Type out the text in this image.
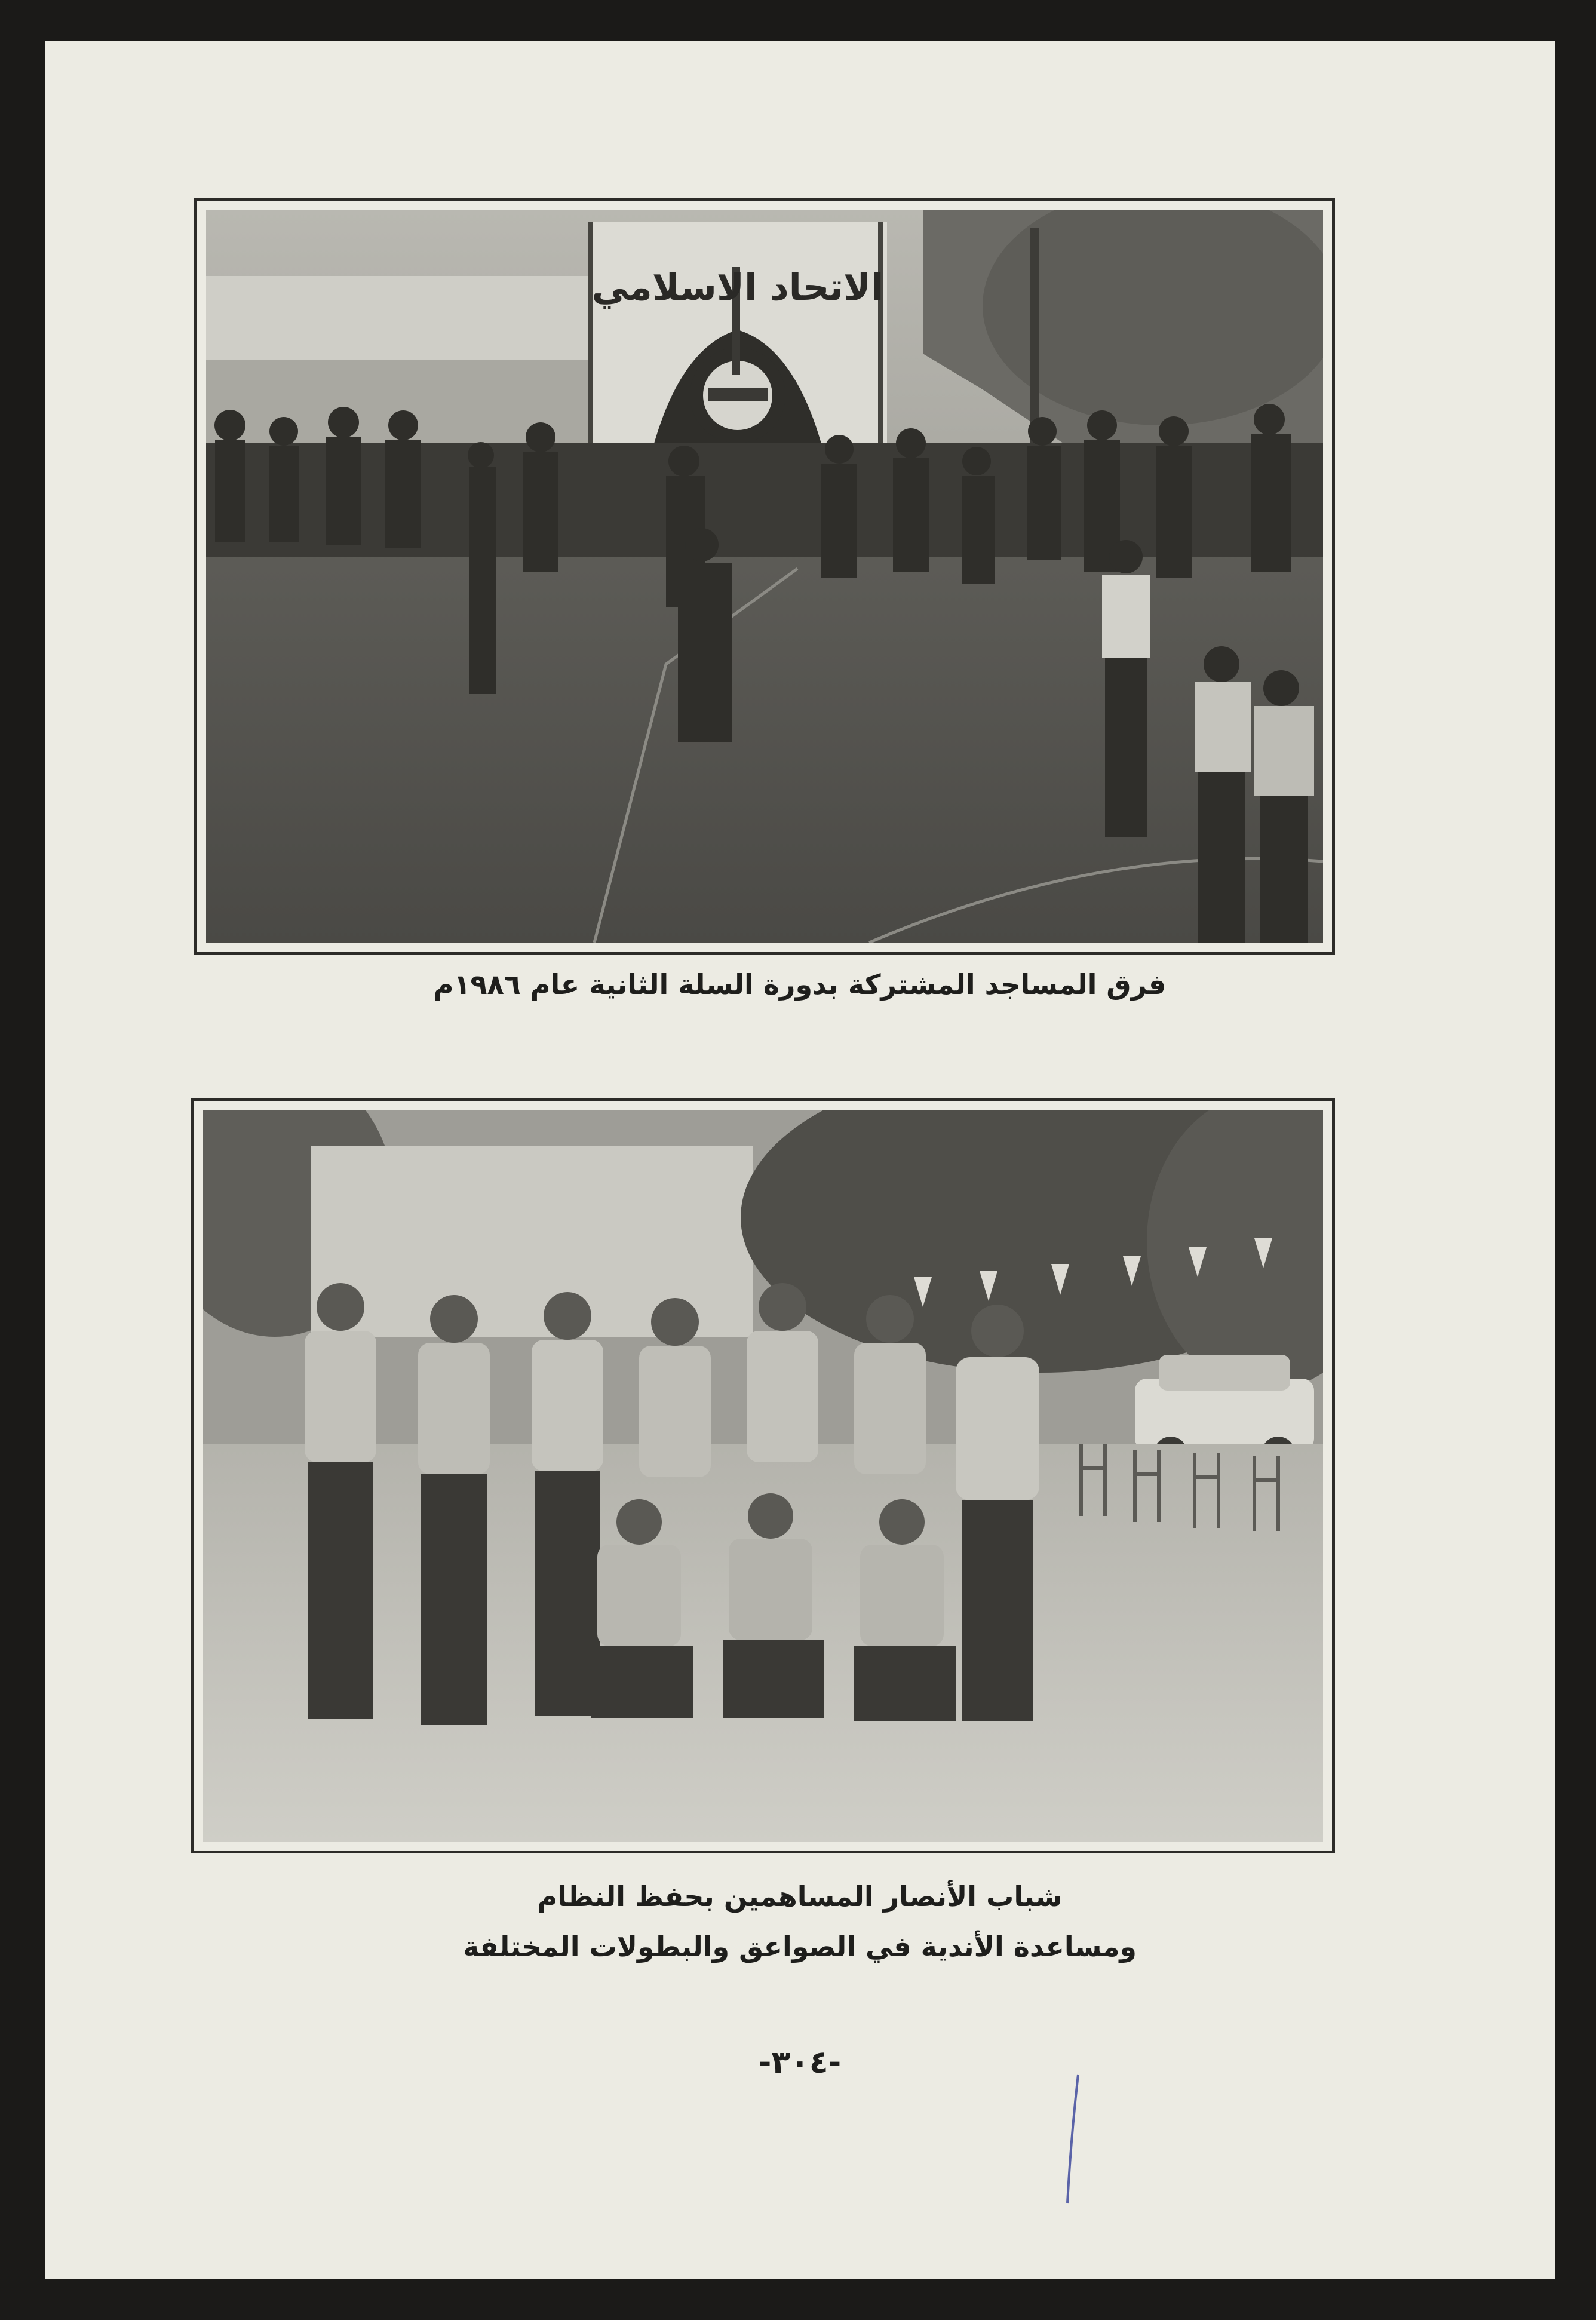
الاتحاد الاسلامي
فرق المساجد المشتركة بدورة السلة الثانية عام ١٩٨٦م
شباب الأنصار المساهمين بحفظ النظام
ومساعدة الأندية في الصواعق والبطولات المختلفة
-٣٠٤-
